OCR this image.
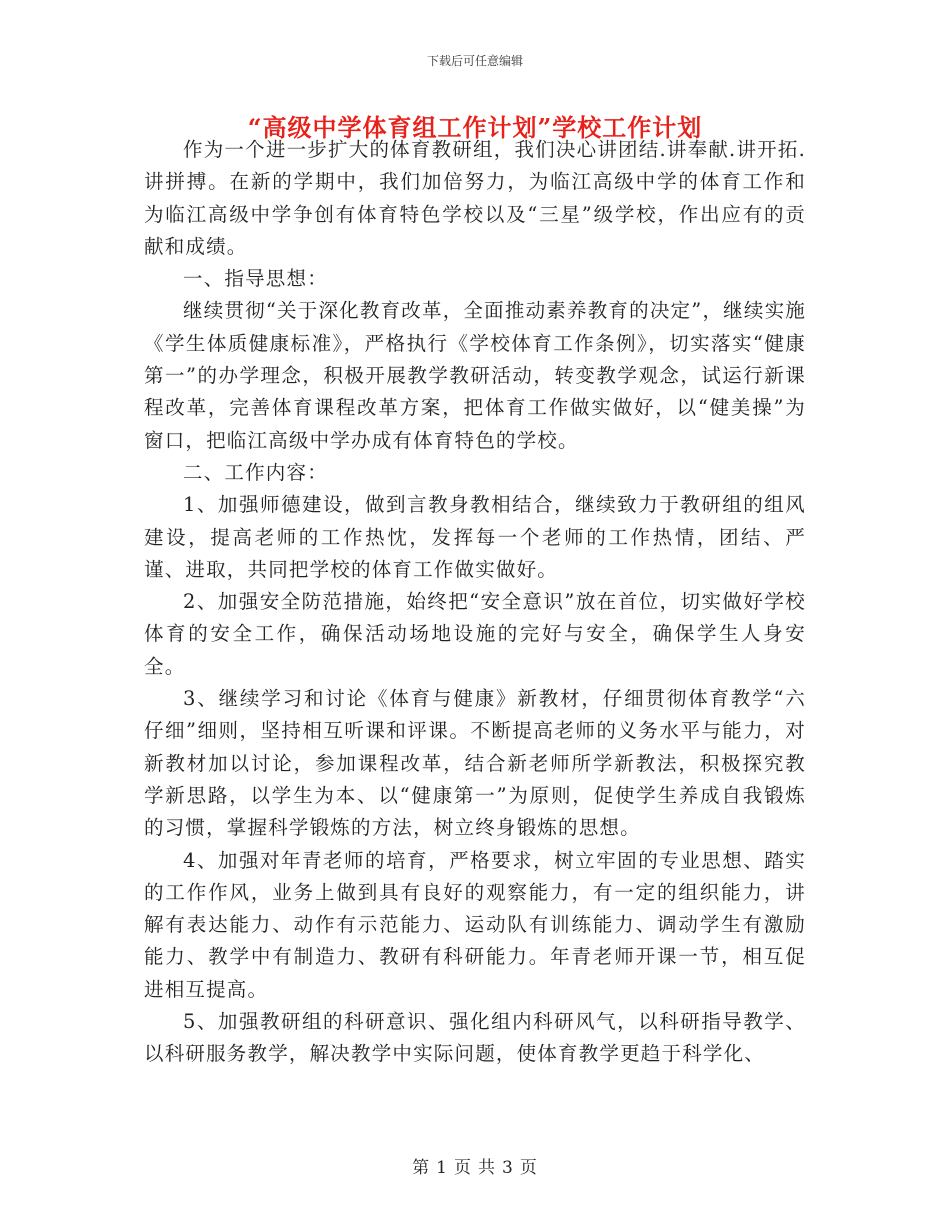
下载后可任意编辑
“高级中学体育组工作计划”学校工作计划

作为一个进一步扩大的体育教研组，我们决心讲团结.讲奉献.讲开拓.讲拼搏。在新的学期中，我们加倍努力，为临江高级中学的体育工作和为临江高级中学争创有体育特色学校以及“三星”级学校，作出应有的贡献和成绩。

一、指导思想：

继续贯彻“关于深化教育改革，全面推动素养教育的决定”，继续实施《学生体质健康标准》，严格执行《学校体育工作条例》，切实落实“健康第一”的办学理念，积极开展教学教研活动，转变教学观念，试运行新课程改革，完善体育课程改革方案，把体育工作做实做好，以“健美操”为窗口，把临江高级中学办成有体育特色的学校。

二、工作内容：

1、加强师德建设，做到言教身教相结合，继续致力于教研组的组风建设，提高老师的工作热忱，发挥每一个老师的工作热情，团结、严谨、进取，共同把学校的体育工作做实做好。

2、加强安全防范措施，始终把“安全意识”放在首位，切实做好学校体育的安全工作，确保活动场地设施的完好与安全，确保学生人身安全。

3、继续学习和讨论《体育与健康》新教材，仔细贯彻体育教学“六仔细”细则，坚持相互听课和评课。不断提高老师的义务水平与能力，对新教材加以讨论，参加课程改革，结合新老师所学新教法，积极探究教学新思路，以学生为本、以“健康第一”为原则，促使学生养成自我锻炼的习惯，掌握科学锻炼的方法，树立终身锻炼的思想。

4、加强对年青老师的培育，严格要求，树立牢固的专业思想、踏实的工作作风，业务上做到具有良好的观察能力，有一定的组织能力，讲解有表达能力、动作有示范能力、运动队有训练能力、调动学生有激励能力、教学中有制造力、教研有科研能力。年青老师开课一节，相互促进相互提高。

5、加强教研组的科研意识、强化组内科研风气，以科研指导教学、以科研服务教学，解决教学中实际问题，使体育教学更趋于科学化、

第 1 页 共 3 页
